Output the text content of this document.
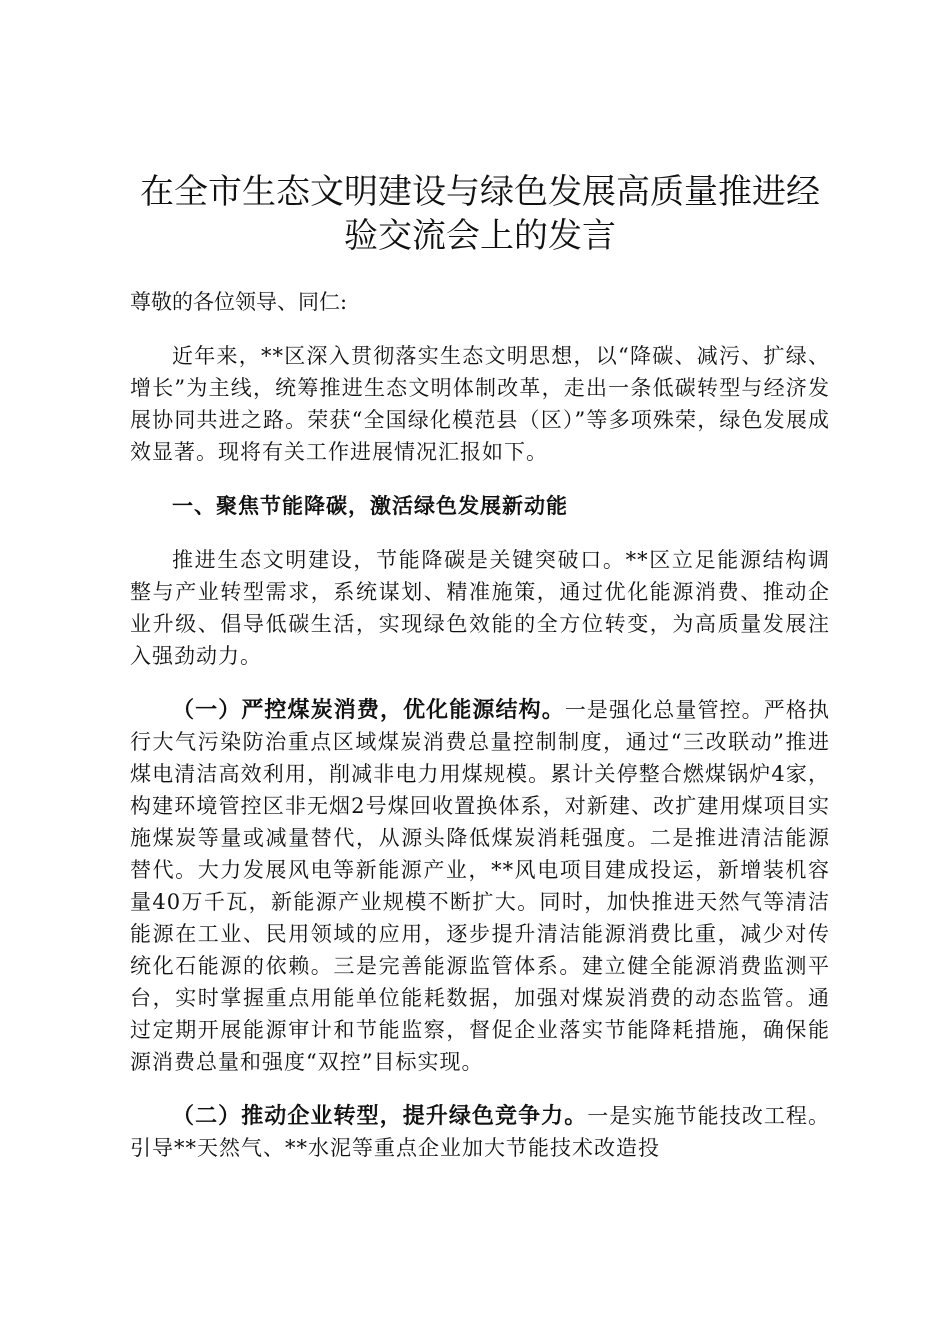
在全市生态文明建设与绿色发展高质量推进经验交流会上的发言

尊敬的各位领导、同仁:

近年来，**区深入贯彻落实生态文明思想，以“降碳、减污、扩绿、增长”为主线，统筹推进生态文明体制改革，走出一条低碳转型与经济发展协同共进之路。荣获“全国绿化模范县（区）”等多项殊荣，绿色发展成效显著。现将有关工作进展情况汇报如下。

一、聚焦节能降碳，激活绿色发展新动能

推进生态文明建设，节能降碳是关键突破口。**区立足能源结构调整与产业转型需求，系统谋划、精准施策，通过优化能源消费、推动企业升级、倡导低碳生活，实现绿色效能的全方位转变，为高质量发展注入强劲动力。

（一）严控煤炭消费，优化能源结构。一是强化总量管控。严格执行大气污染防治重点区域煤炭消费总量控制制度，通过“三改联动”推进煤电清洁高效利用，削减非电力用煤规模。累计关停整合燃煤锅炉4家，构建环境管控区非无烟2号煤回收置换体系，对新建、改扩建用煤项目实施煤炭等量或减量替代，从源头降低煤炭消耗强度。二是推进清洁能源替代。大力发展风电等新能源产业，**风电项目建成投运，新增装机容量40万千瓦，新能源产业规模不断扩大。同时，加快推进天然气等清洁能源在工业、民用领域的应用，逐步提升清洁能源消费比重，减少对传统化石能源的依赖。三是完善能源监管体系。建立健全能源消费监测平台，实时掌握重点用能单位能耗数据，加强对煤炭消费的动态监管。通过定期开展能源审计和节能监察，督促企业落实节能降耗措施，确保能源消费总量和强度“双控”目标实现。

（二）推动企业转型，提升绿色竞争力。一是实施节能技改工程。引导**天然气、**水泥等重点企业加大节能技术改造投
